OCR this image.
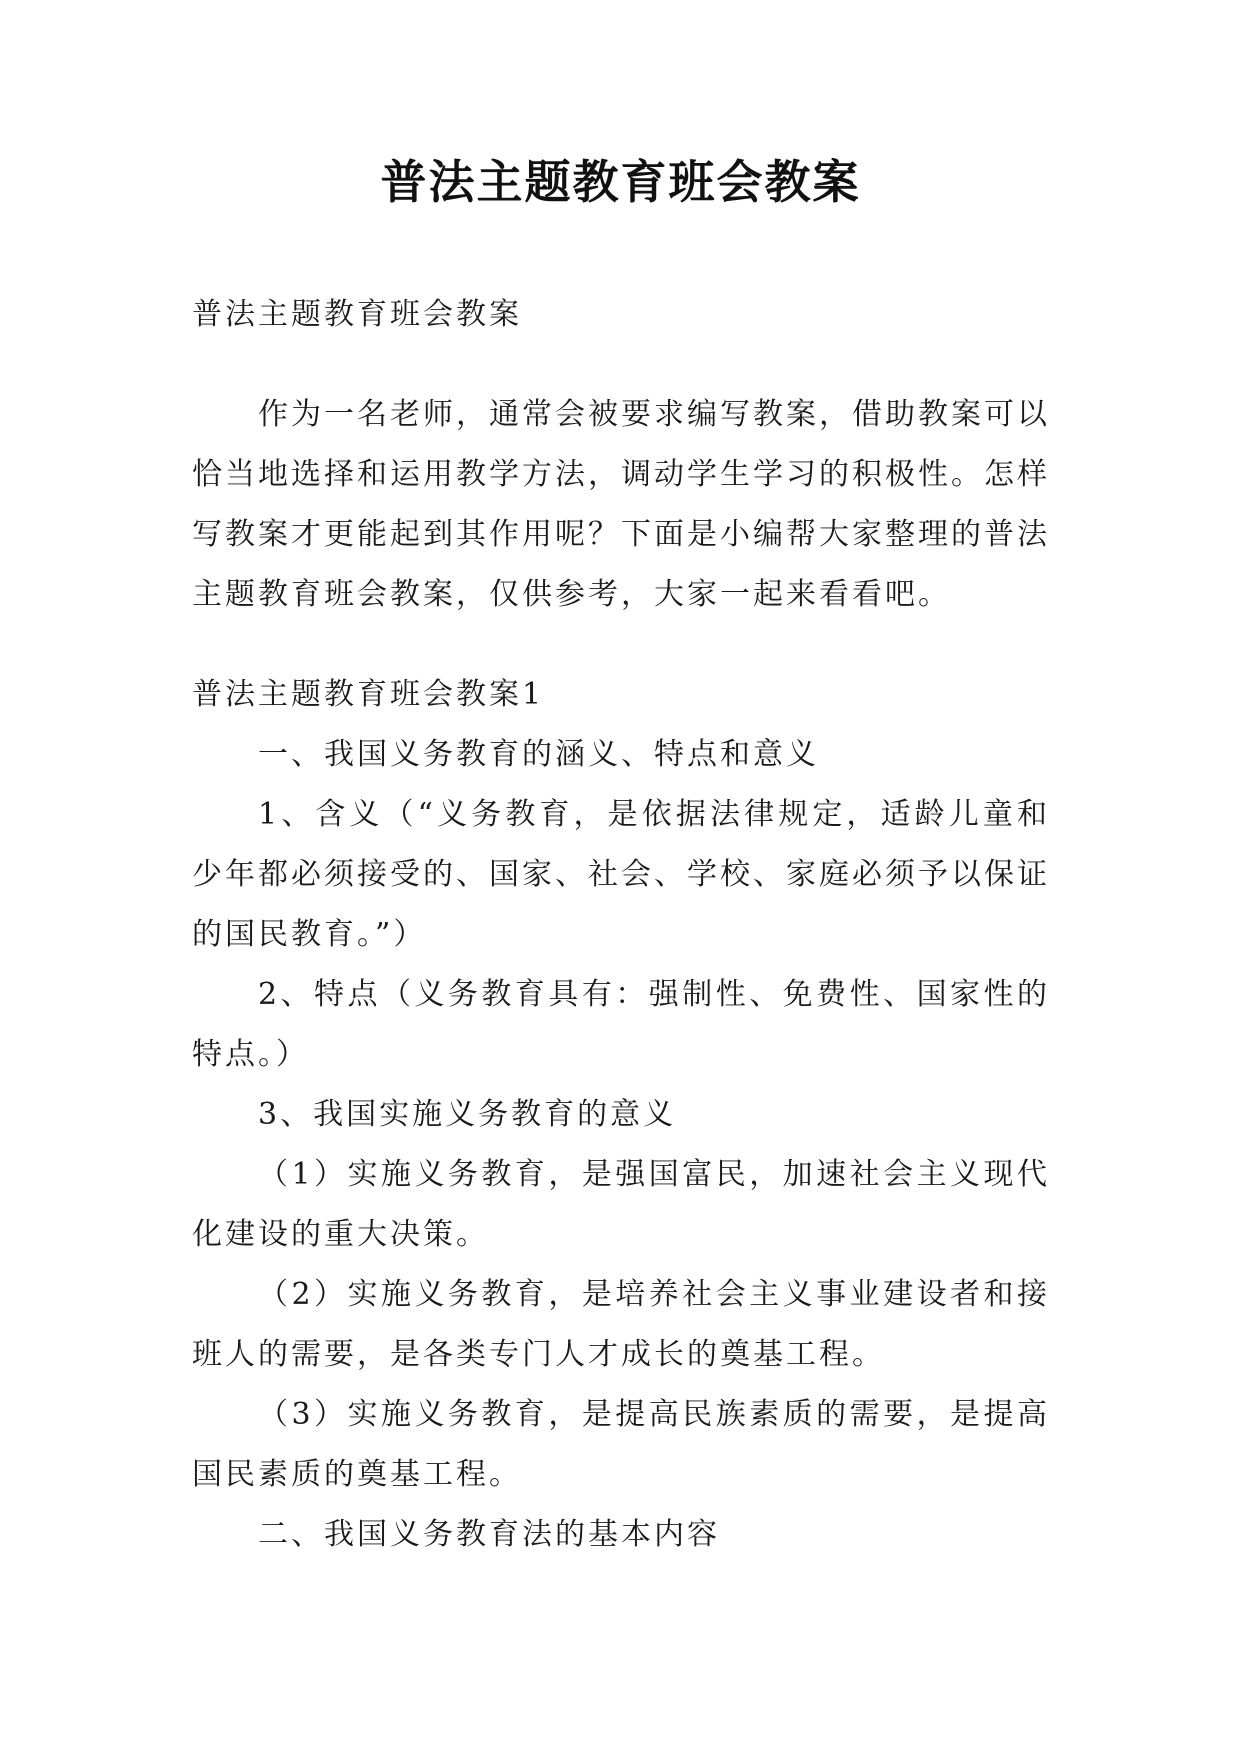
普法主题教育班会教案

普法主题教育班会教案

作为一名老师，通常会被要求编写教案，借助教案可以恰当地选择和运用教学方法，调动学生学习的积极性。怎样写教案才更能起到其作用呢？下面是小编帮大家整理的普法主题教育班会教案，仅供参考，大家一起来看看吧。

普法主题教育班会教案1

一、我国义务教育的涵义、特点和意义

1、含义（“义务教育，是依据法律规定，适龄儿童和少年都必须接受的、国家、社会、学校、家庭必须予以保证的国民教育。”）

2、特点（义务教育具有：强制性、免费性、国家性的特点。）

3、我国实施义务教育的意义

（1）实施义务教育，是强国富民，加速社会主义现代化建设的重大决策。

（2）实施义务教育，是培养社会主义事业建设者和接班人的需要，是各类专门人才成长的奠基工程。

（3）实施义务教育，是提高民族素质的需要，是提高国民素质的奠基工程。

二、我国义务教育法的基本内容
